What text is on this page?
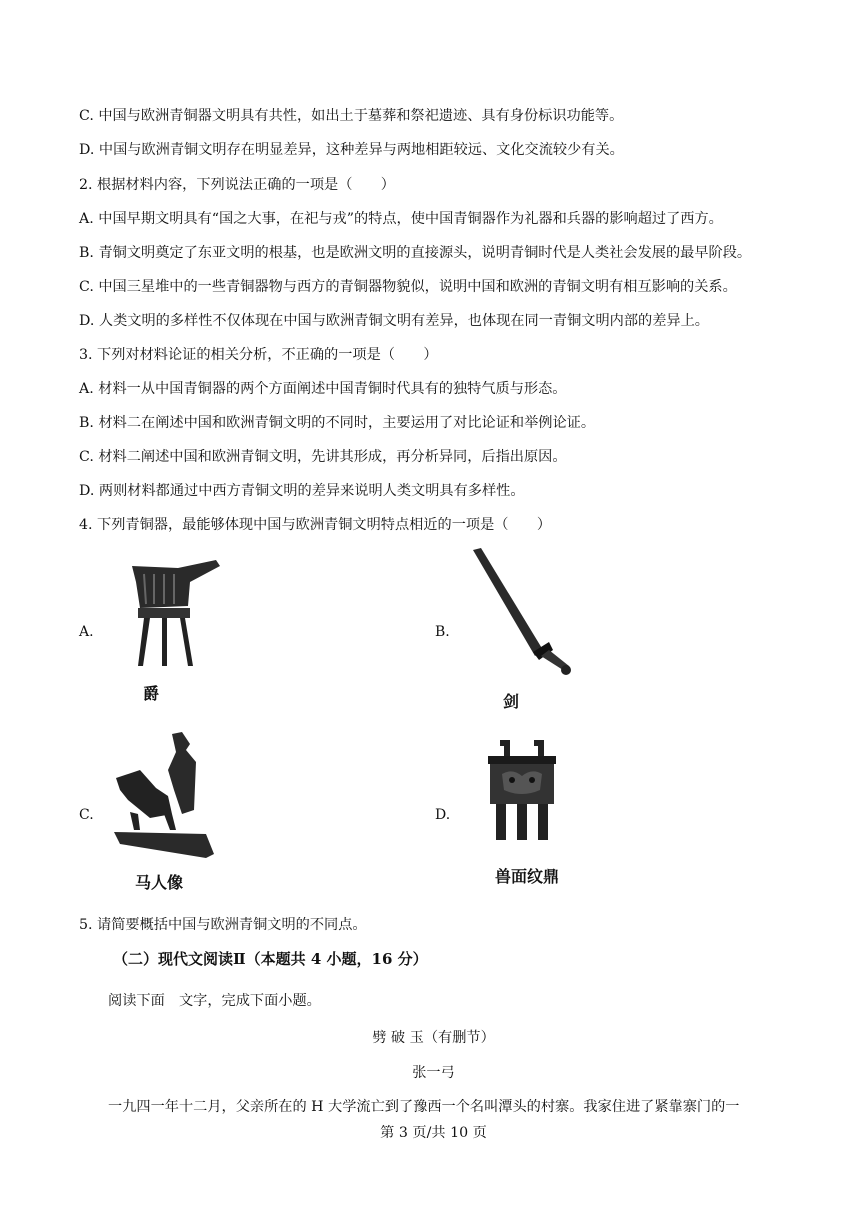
C. 中国与欧洲青铜器文明具有共性，如出土于墓葬和祭祀遗迹、具有身份标识功能等。
D. 中国与欧洲青铜文明存在明显差异，这种差异与两地相距较远、文化交流较少有关。
2. 根据材料内容，下列说法正确的一项是（　　）
A. 中国早期文明具有“国之大事，在祀与戎”的特点，使中国青铜器作为礼器和兵器的影响超过了西方。
B. 青铜文明奠定了东亚文明的根基，也是欧洲文明的直接源头，说明青铜时代是人类社会发展的最早阶段。
C. 中国三星堆中的一些青铜器物与西方的青铜器物貌似，说明中国和欧洲的青铜文明有相互影响的关系。
D. 人类文明的多样性不仅体现在中国与欧洲青铜文明有差异，也体现在同一青铜文明内部的差异上。
3. 下列对材料论证的相关分析，不正确的一项是（　　）
A. 材料一从中国青铜器的两个方面阐述中国青铜时代具有的独特气质与形态。
B. 材料二在阐述中国和欧洲青铜文明的不同时，主要运用了对比论证和举例论证。
C. 材料二阐述中国和欧洲青铜文明，先讲其形成，再分析异同，后指出原因。
D. 两则材料都通过中西方青铜文明的差异来说明人类文明具有多样性。
4. 下列青铜器，最能够体现中国与欧洲青铜文明特点相近的一项是（　　）
A.
爵
B.
剑
C.
马人像
D.
兽面纹鼎
5. 请简要概括中国与欧洲青铜文明的不同点。
（二）现代文阅读Ⅱ（本题共 4 小题，16 分）
阅读下面　文字，完成下面小题。
劈 破 玉（有删节）
张一弓
一九四一年十二月，父亲所在的 H 大学流亡到了豫西一个名叫潭头的村寨。我家住进了紧靠寨门的一
第 3 页/共 10 页
